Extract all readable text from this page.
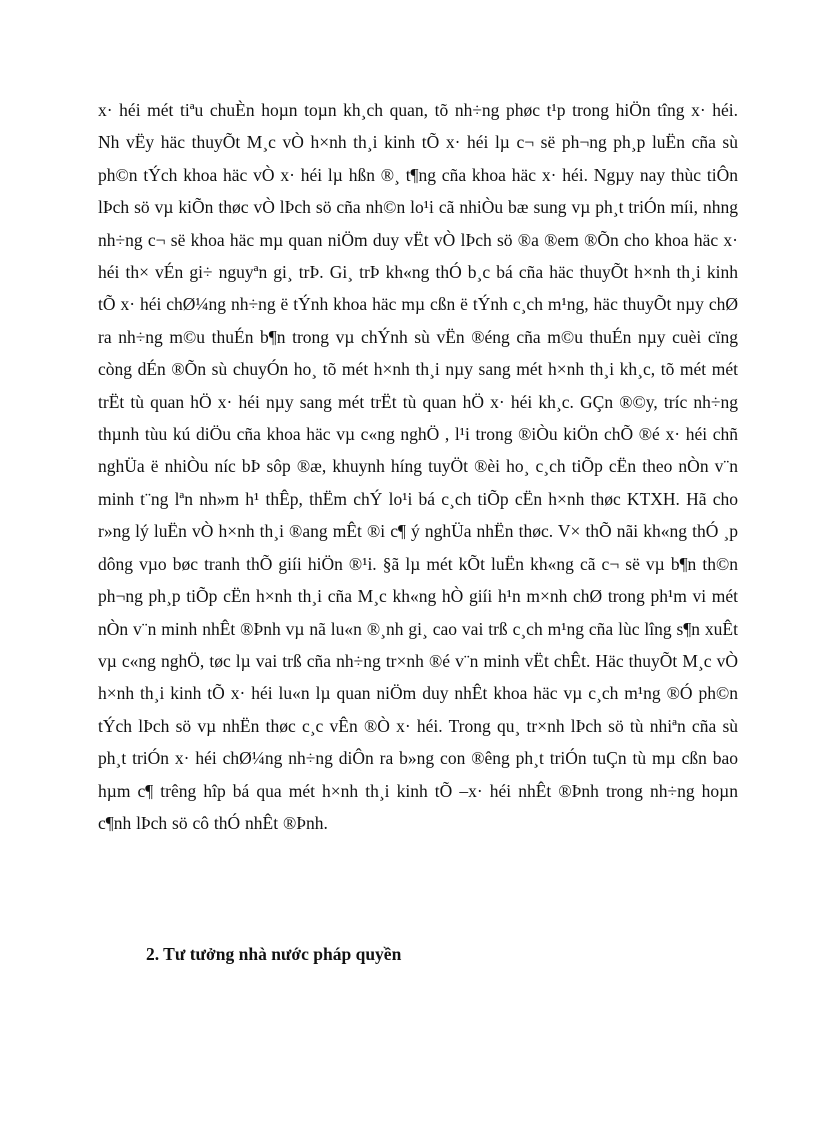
x· héi mét tiªu chuÈn hoµn toµn kh¸ch quan, tõ nh÷ng phøc t¹p trong hiÖn tîng x· héi. Nh vËy häc thuyÕt M¸c vÒ h×nh th¸i kinh tÕ x· héi lµ c¬ së ph¬ng ph¸p luËn cña sù ph©n tÝch khoa häc vÒ x· héi lµ hßn ®¸ t¶ng cña khoa häc x· héi. Ngµy nay thùc tiÔn lÞch sö vµ kiÕn thøc vÒ lÞch sö cña nh©n lo¹i cã nhiÒu bæ sung vµ ph¸t triÓn míi, nhng nh÷ng c¬ së khoa häc mµ quan niÖm duy vËt vÒ lÞch sö ®a ®em ®Õn cho khoa häc x· héi th× vÉn gi÷ nguyªn gi¸ trÞ. Gi¸ trÞ kh«ng thÓ b¸c bá cña häc thuyÕt h×nh th¸i kinh tÕ x· héi chØ¼ng nh÷ng ë tÝnh khoa häc mµ cßn ë tÝnh c¸ch m¹ng, häc thuyÕt nµy chØ ra nh÷ng m©u thuÉn b¶n trong vµ chÝnh sù vËn ®éng cña m©u thuÉn nµy cuèi cïng còng dÉn ®Õn sù chuyÓn ho¸ tõ mét h×nh th¸i nµy sang mét h×nh th¸i kh¸c, tõ mét mét trËt tù quan hÖ x· héi nµy sang mét trËt tù quan hÖ x· héi kh¸c. GÇn ®©y, tríc nh÷ng thµnh tùu kú diÖu cña khoa häc vµ c«ng nghÖ , l¹i trong ®iÒu kiÖn chÕ ®é x· héi chñ nghÜa ë nhiÒu níc bÞ sôp ®æ, khuynh híng tuyÖt ®èi ho¸ c¸ch tiÕp cËn theo nÒn v¨n minh t¨ng lªn nh»m h¹ thÊp, thËm chÝ lo¹i bá c¸ch tiÕp cËn h×nh thøc KTXH. Hã cho r»ng lý luËn vÒ h×nh th¸i ®ang mÊt ®i c¶ ý nghÜa nhËn thøc. V× thÕ nãi kh«ng thÓ ¸p dông vµo bøc tranh thÕ giíi hiÖn ®¹i. §ã lµ mét kÕt luËn kh«ng cã c¬ së vµ b¶n th©n ph¬ng ph¸p tiÕp cËn h×nh th¸i cña M¸c kh«ng hÒ giíi h¹n m×nh chØ trong ph¹m vi mét nÒn v¨n minh nhÊt ®Þnh vµ nã lu«n ®¸nh gi¸ cao vai trß c¸ch m¹ng cña lùc lîng s¶n xuÊt vµ c«ng nghÖ, tøc lµ vai trß cña nh÷ng tr×nh ®é v¨n minh vËt chÊt. Häc thuyÕt M¸c vÒ h×nh th¸i kinh tÕ x· héi lu«n lµ quan niÖm duy nhÊt khoa häc vµ c¸ch m¹ng ®Ó ph©n tÝch lÞch sö vµ nhËn thøc c¸c vÊn ®Ò x· héi. Trong qu¸ tr×nh lÞch sö tù nhiªn cña sù ph¸t triÓn x· héi chØ¼ng nh÷ng diÔn ra b»ng con ®êng ph¸t triÓn tuÇn tù mµ cßn bao hµm c¶ trêng hîp bá qua mét h×nh th¸i kinh tÕ –x· héi nhÊt ®Þnh trong nh÷ng hoµn c¶nh lÞch sö cô thÓ nhÊt ®Þnh.

2. Tư tưởng nhà nước pháp quyền
